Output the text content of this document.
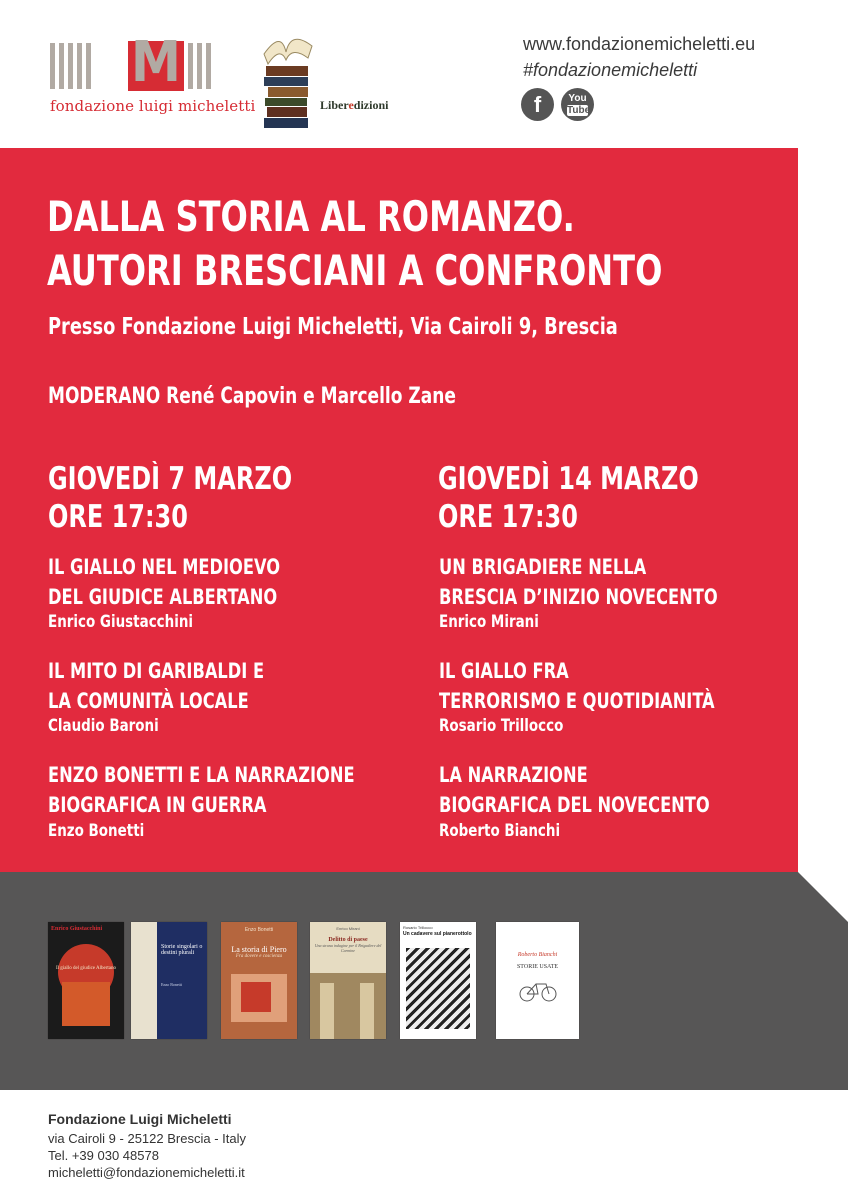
M
fondazione luigi micheletti	Liberedizioni
www.fondazionemicheletti.eu
#fondazionemicheletti
f	You
Tube
DALLA STORIA AL ROMANZO.
AUTORI BRESCIANI A CONFRONTO
Presso Fondazione Luigi Micheletti, Via Cairoli 9, Brescia
MODERANO René Capovin e Marcello Zane
GIOVEDÌ 7 MARZO
ORE 17:30
IL GIALLO NEL MEDIOEVO
DEL GIUDICE ALBERTANO
Enrico Giustacchini
IL MITO DI GARIBALDI E
LA COMUNITÀ LOCALE
Claudio Baroni
ENZO BONETTI E LA NARRAZIONE
BIOGRAFICA IN GUERRA
Enzo Bonetti
GIOVEDÌ 14 MARZO
ORE 17:30
UN BRIGADIERE NELLA
BRESCIA D’INIZIO NOVECENTO
Enrico Mirani
IL GIALLO FRA
TERRORISMO E QUOTIDIANITÀ
Rosario Trillocco
LA NARRAZIONE
BIOGRAFICA DEL NOVECENTO
Roberto Bianchi
Enrico Giustacchini
Il giallo del giudice Albertano
Storie singolari o destini plurali
Enzo Bonetti
Enzo Bonetti
La storia di Piero
Fra dovere e coscienza
Enrico Mirani
Delitto di paese
Una strana indagine per il Brigadiere del Carmine
Rosario Trillocco
Un cadavere sul pianerottolo
Roberto Bianchi
STORIE USATE
Fondazione Luigi Micheletti
via Cairoli 9 - 25122 Brescia - Italy
Tel. +39 030 48578
micheletti@fondazionemicheletti.it
